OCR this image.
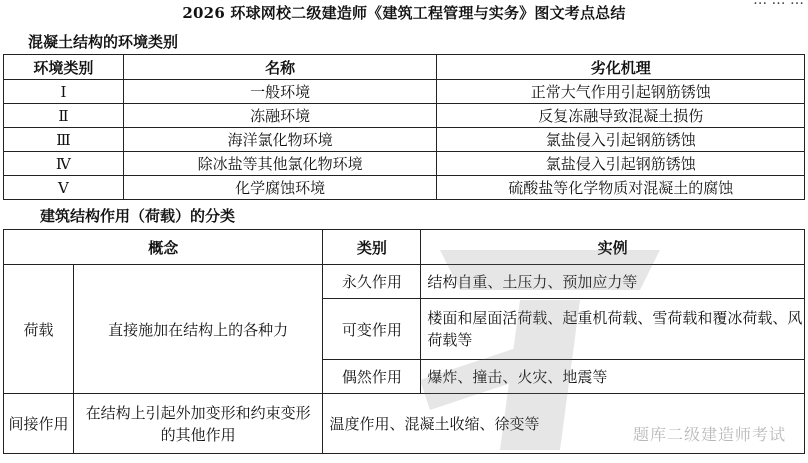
… … …
2026 环球网校二级建造师《建筑工程管理与实务》图文考点总结
混凝土结构的环境类别
环境类别	名称	劣化机理
Ⅰ	一般环境	正常大气作用引起钢筋锈蚀
Ⅱ	冻融环境	反复冻融导致混凝土损伤
Ⅲ	海洋氯化物环境	氯盐侵入引起钢筋锈蚀
Ⅳ	除冰盐等其他氯化物环境	氯盐侵入引起钢筋锈蚀
Ⅴ	化学腐蚀环境	硫酸盐等化学物质对混凝土的腐蚀
建筑结构作用（荷载）的分类
概念		类别	实例
荷载	直接施加在结构上的各种力	永久作用	结构自重、土压力、预加应力等
		可变作用	楼面和屋面活荷载、起重机荷载、雪荷载和覆冰荷载、风荷载等
		偶然作用	爆炸、撞击、火灾、地震等
间接作用	在结构上引起外加变形和约束变形的其他作用	温度作用、混凝土收缩、徐变等	
题库二级建造师考试
